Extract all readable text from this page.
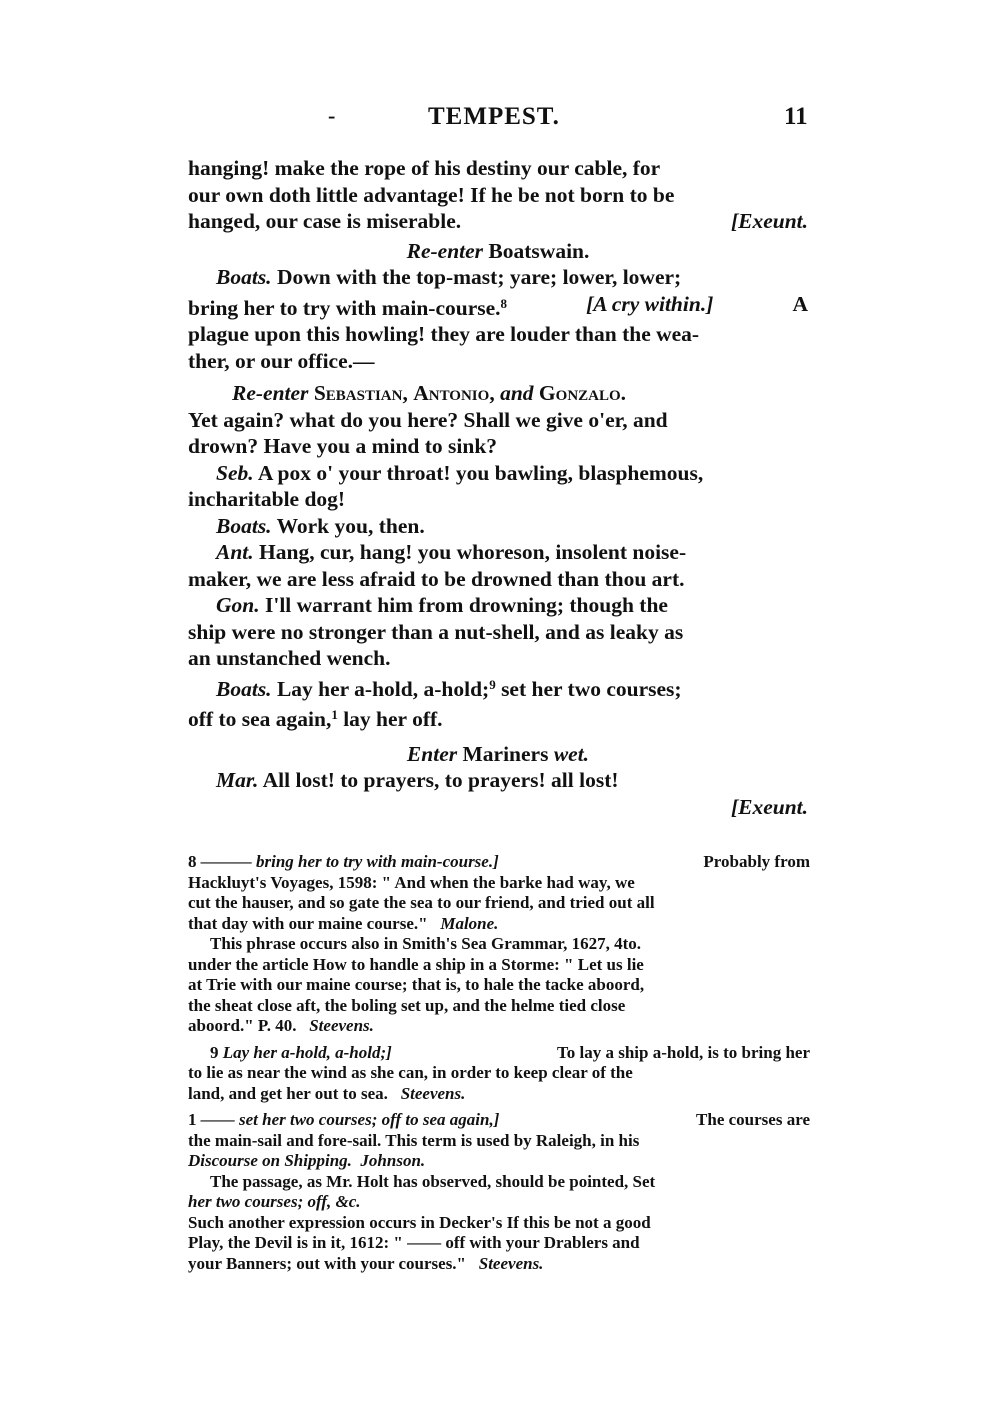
-	TEMPEST.	11
hanging! make the rope of his destiny our cable, for
our own doth little advantage! If he be not born to be
hanged, our case is miserable.	[Exeunt.
Re-enter Boatswain.
Boats. Down with the top-mast; yare; lower, lower;
bring her to try with main-course.$^8$	[A cry within.]	A
plague upon this howling! they are louder than the wea-
ther, or our office.—
Re-enter Sebastian, Antonio, and Gonzalo.
Yet again? what do you here? Shall we give o'er, and
drown? Have you a mind to sink?
Seb. A pox o' your throat! you bawling, blasphemous,
incharitable dog!
Boats. Work you, then.
Ant. Hang, cur, hang! you whoreson, insolent noise-
maker, we are less afraid to be drowned than thou art.
Gon. I'll warrant him from drowning; though the
ship were no stronger than a nut-shell, and as leaky as
an unstanched wench.
Boats. Lay her a-hold, a-hold;$^9$ set her two courses;
off to sea again,$^1$ lay her off.
Enter Mariners wet.
Mar. All lost! to prayers, to prayers! all lost!
[Exeunt.
8 ——— bring her to try with main-course.]	Probably from
Hackluyt's Voyages, 1598: " And when the barke had way, we
cut the hauser, and so gate the sea to our friend, and tried out all
that day with our maine course." Malone.
This phrase occurs also in Smith's Sea Grammar, 1627, 4to.
under the article How to handle a ship in a Storme: " Let us lie
at Trie with our maine course; that is, to hale the tacke aboord,
the sheat close aft, the boling set up, and the helme tied close
aboord." P. 40. Steevens.
9 Lay her a-hold, a-hold;]	To lay a ship a-hold, is to bring her
to lie as near the wind as she can, in order to keep clear of the
land, and get her out to sea. Steevens.
1 —— set her two courses; off to sea again,]	The courses are
the main-sail and fore-sail. This term is used by Raleigh, in his
Discourse on Shipping. Johnson.
The passage, as Mr. Holt has observed, should be pointed, Set
her two courses; off, &c.
Such another expression occurs in Decker's If this be not a good
Play, the Devil is in it, 1612: " —— off with your Drablers and
your Banners; out with your courses." Steevens.
